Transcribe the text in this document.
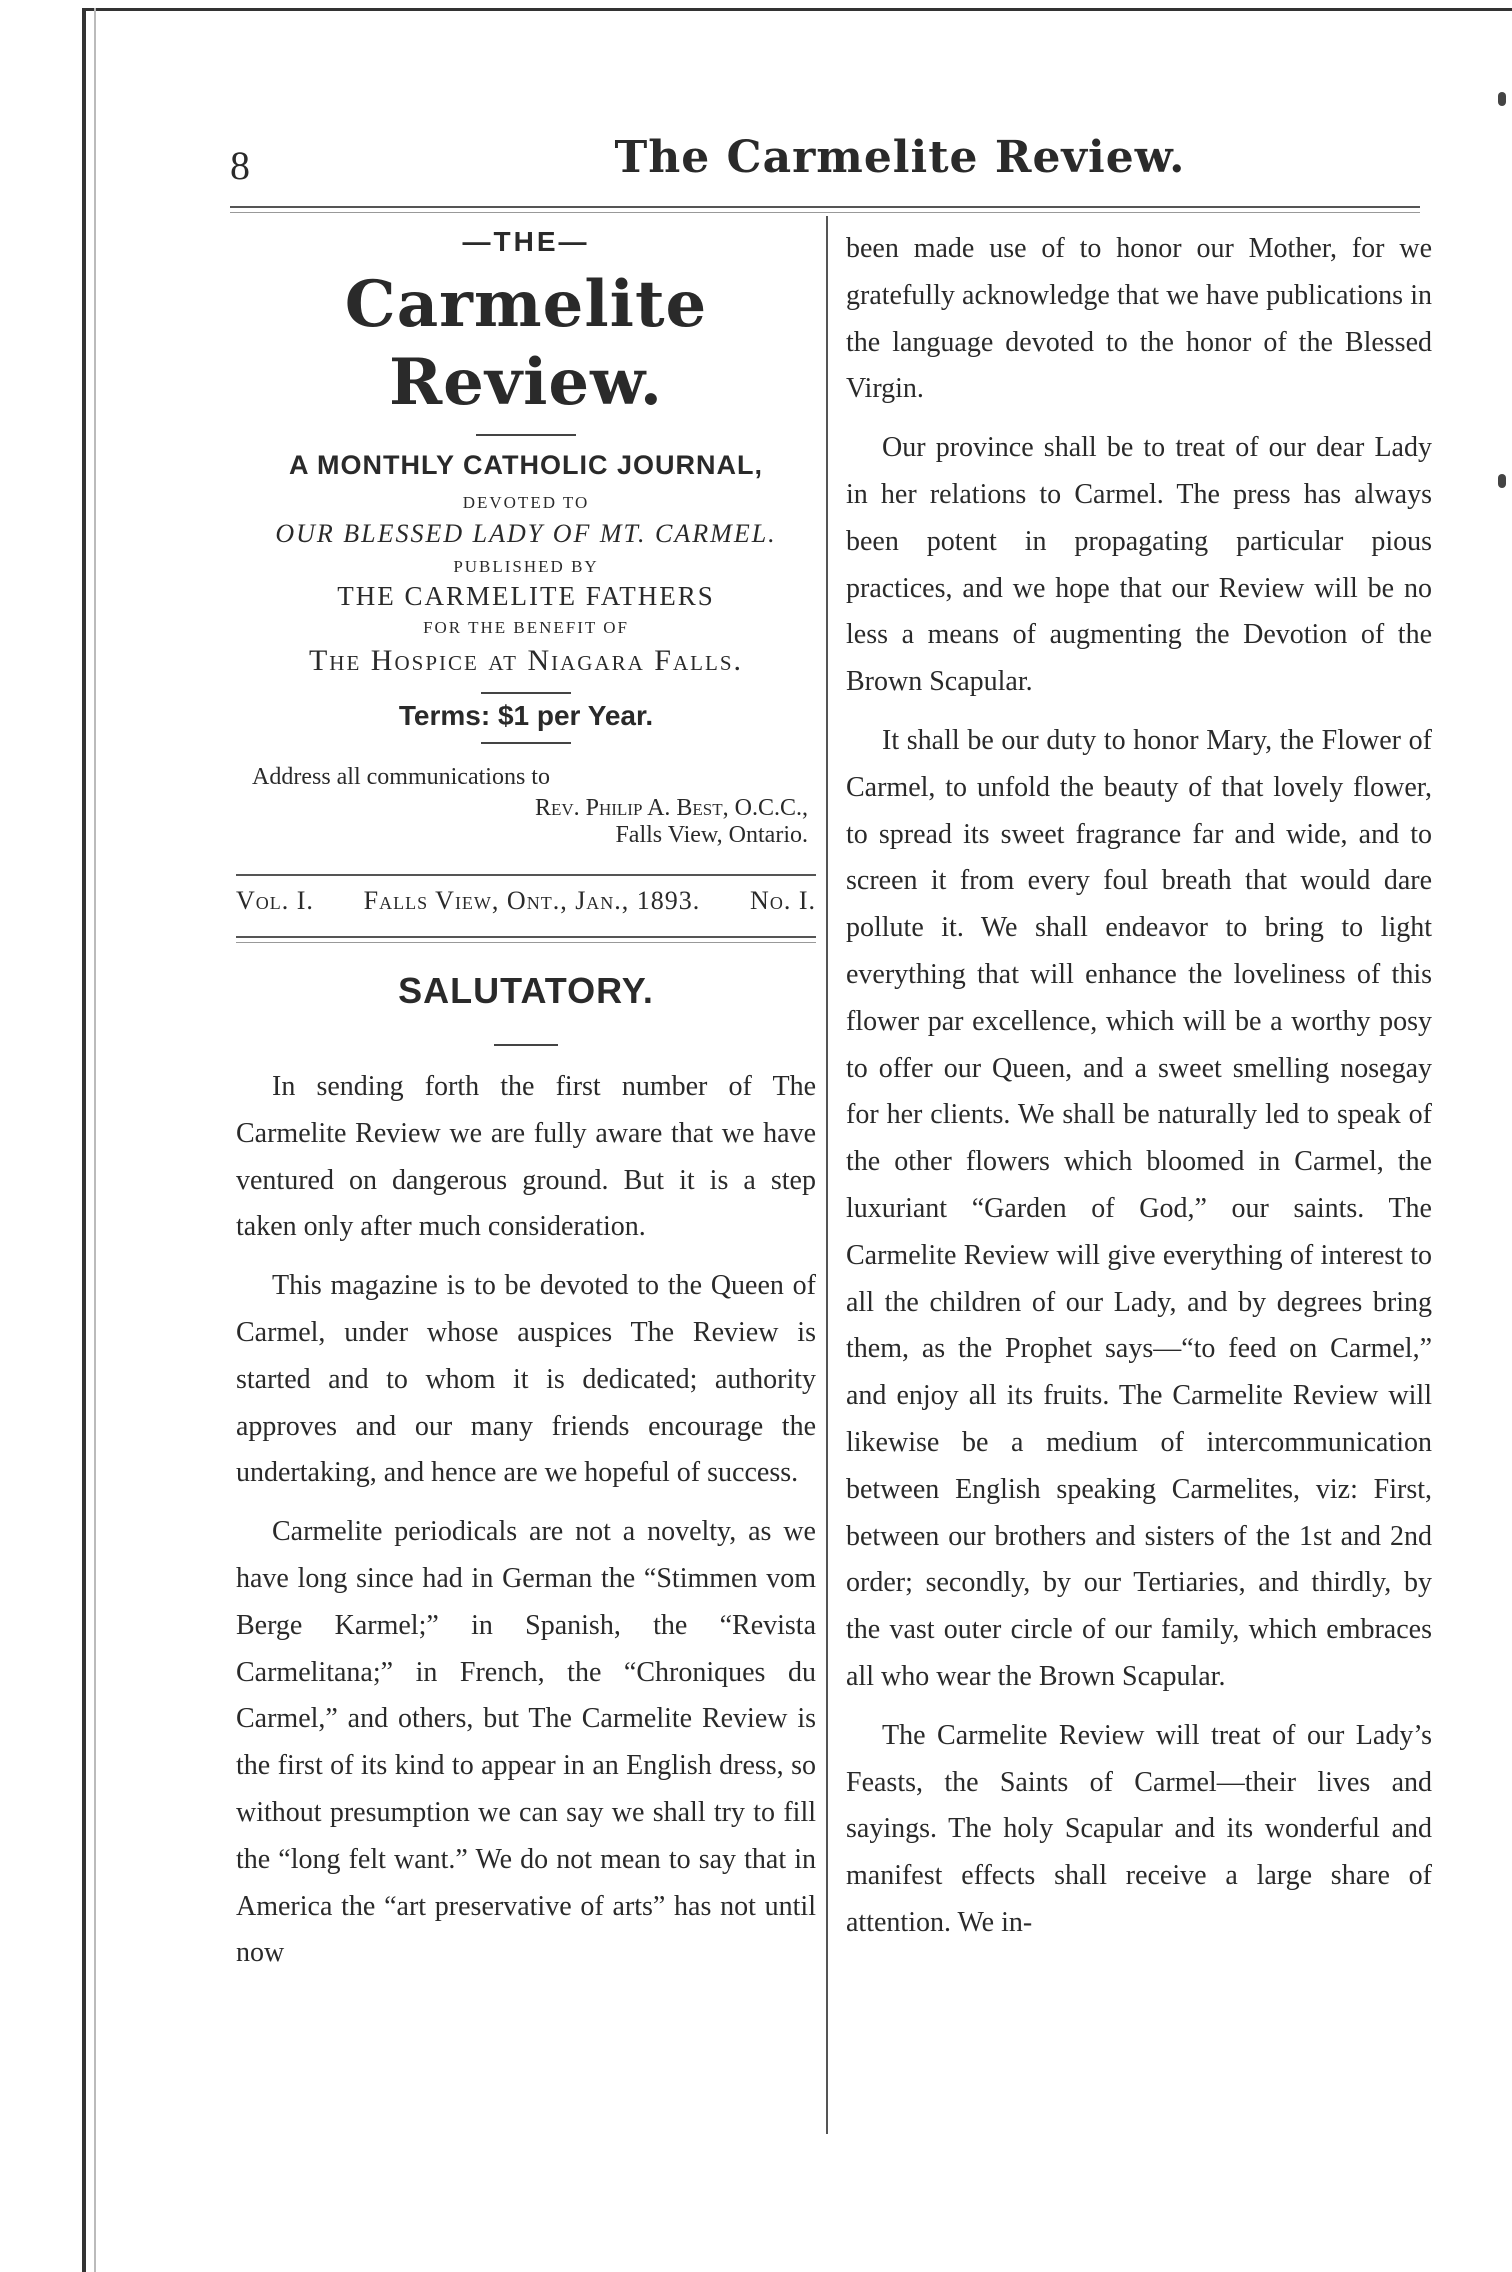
8	The Carmelite Review.
—THE—
Carmelite Review.
A MONTHLY CATHOLIC JOURNAL,
DEVOTED TO
OUR BLESSED LADY OF MT. CARMEL.
PUBLISHED BY
THE CARMELITE FATHERS
FOR THE BENEFIT OF
The Hospice at Niagara Falls.
Terms: $1 per Year.
Address all communications to
Rev. Philip A. Best, O.C.C.,
Falls View, Ontario.
Vol. I. Falls View, Ont., Jan., 1893. No. I.
SALUTATORY.

In sending forth the first number of The Carmelite Review we are fully aware that we have ventured on dangerous ground. But it is a step taken only after much consideration.

This magazine is to be devoted to the Queen of Carmel, under whose auspices The Review is started and to whom it is dedicated; authority approves and our many friends encourage the undertaking, and hence are we hopeful of success.

Carmelite periodicals are not a novelty, as we have long since had in German the “Stimmen vom Berge Karmel;” in Spanish, the “Revista Carmelitana;” in French, the “Chroniques du Carmel,” and others, but The Carmelite Review is the first of its kind to appear in an English dress, so without presumption we can say we shall try to fill the “long felt want.” We do not mean to say that in America the “art preservative of arts” has not until now

been made use of to honor our Mother, for we gratefully acknowledge that we have publications in the language devoted to the honor of the Blessed Virgin.

Our province shall be to treat of our dear Lady in her relations to Carmel. The press has always been potent in propagating particular pious practices, and we hope that our Review will be no less a means of augmenting the Devotion of the Brown Scapular.

It shall be our duty to honor Mary, the Flower of Carmel, to unfold the beauty of that lovely flower, to spread its sweet fragrance far and wide, and to screen it from every foul breath that would dare pollute it. We shall endeavor to bring to light everything that will enhance the loveliness of this flower par excellence, which will be a worthy posy to offer our Queen, and a sweet smelling nosegay for her clients. We shall be naturally led to speak of the other flowers which bloomed in Carmel, the luxuriant “Garden of God,” our saints. The Carmelite Review will give everything of interest to all the children of our Lady, and by degrees bring them, as the Prophet says—“to feed on Carmel,” and enjoy all its fruits. The Carmelite Review will likewise be a medium of intercommunication between English speaking Carmelites, viz: First, between our brothers and sisters of the 1st and 2nd order; secondly, by our Tertiaries, and thirdly, by the vast outer circle of our family, which embraces all who wear the Brown Scapular.

The Carmelite Review will treat of our Lady’s Feasts, the Saints of Carmel—their lives and sayings. The holy Scapular and its wonderful and manifest effects shall receive a large share of attention. We in-
